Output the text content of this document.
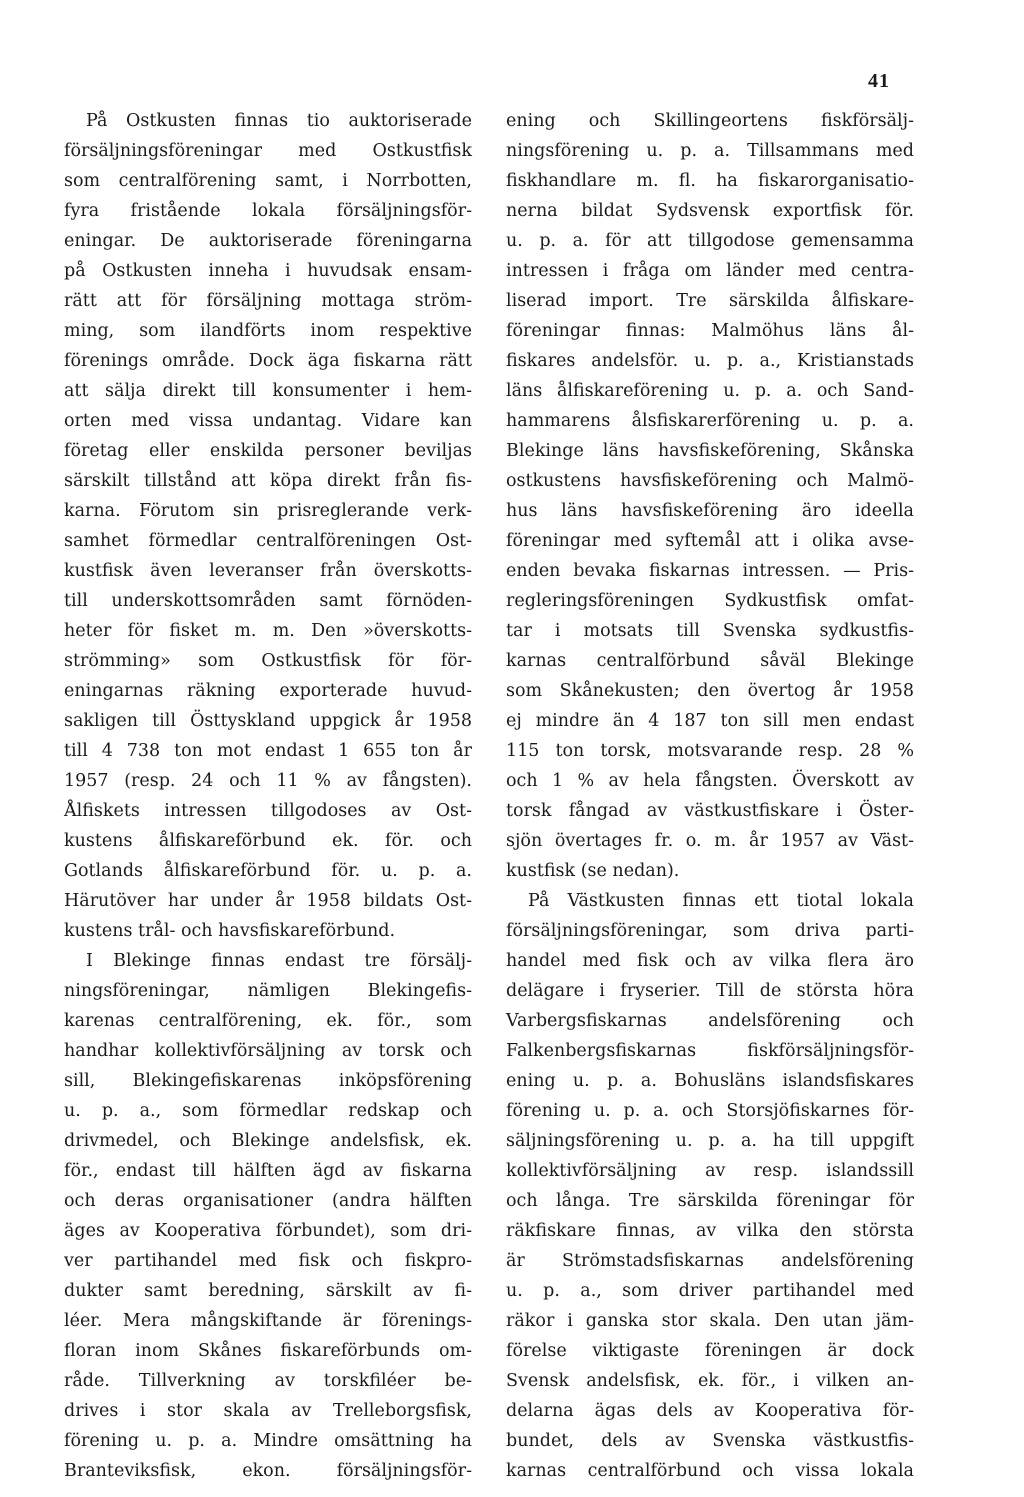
41
På Ostkusten finnas tio auktoriserade
försäljningsföreningar med Ostkustfisk
som centralförening samt, i Norrbotten,
fyra fristående lokala försäljningsför-
eningar. De auktoriserade föreningarna
på Ostkusten inneha i huvudsak ensam-
rätt att för försäljning mottaga ström-
ming, som ilandförts inom respektive
förenings område. Dock äga fiskarna rätt
att sälja direkt till konsumenter i hem-
orten med vissa undantag. Vidare kan
företag eller enskilda personer beviljas
särskilt tillstånd att köpa direkt från fis-
karna. Förutom sin prisreglerande verk-
samhet förmedlar centralföreningen Ost-
kustfisk även leveranser från överskotts-
till underskottsområden samt förnöden-
heter för fisket m. m. Den »överskotts-
strömming» som Ostkustfisk för för-
eningarnas räkning exporterade huvud-
sakligen till Östtyskland uppgick år 1958
till 4 738 ton mot endast 1 655 ton år
1957 (resp. 24 och 11 % av fångsten).
Ålfiskets intressen tillgodoses av Ost-
kustens ålfiskareförbund ek. för. och
Gotlands ålfiskareförbund för. u. p. a.
Härutöver har under år 1958 bildats Ost-
kustens trål- och havsfiskareförbund.
I Blekinge finnas endast tre försälj-
ningsföreningar, nämligen Blekingefis-
karenas centralförening, ek. för., som
handhar kollektivförsäljning av torsk och
sill, Blekingefiskarenas inköpsförening
u. p. a., som förmedlar redskap och
drivmedel, och Blekinge andelsfisk, ek.
för., endast till hälften ägd av fiskarna
och deras organisationer (andra hälften
äges av Kooperativa förbundet), som dri-
ver partihandel med fisk och fiskpro-
dukter samt beredning, särskilt av fi-
léer. Mera mångskiftande är förenings-
floran inom Skånes fiskareförbunds om-
råde. Tillverkning av torskfiléer be-
drives i stor skala av Trelleborgsfisk,
förening u. p. a. Mindre omsättning ha
Branteviksfisk, ekon. försäljningsför-
ening och Skillingeortens fiskförsälj-
ningsförening u. p. a. Tillsammans med
fiskhandlare m. fl. ha fiskarorganisatio-
nerna bildat Sydsvensk exportfisk för.
u. p. a. för att tillgodose gemensamma
intressen i fråga om länder med centra-
liserad import. Tre särskilda ålfiskare-
föreningar finnas: Malmöhus läns ål-
fiskares andelsför. u. p. a., Kristianstads
läns ålfiskareförening u. p. a. och Sand-
hammarens ålsfiskarerförening u. p. a.
Blekinge läns havsfiskeförening, Skånska
ostkustens havsfiskeförening och Malmö-
hus läns havsfiskeförening äro ideella
föreningar med syftemål att i olika avse-
enden bevaka fiskarnas intressen. — Pris-
regleringsföreningen Sydkustfisk omfat-
tar i motsats till Svenska sydkustfis-
karnas centralförbund såväl Blekinge
som Skånekusten; den övertog år 1958
ej mindre än 4 187 ton sill men endast
115 ton torsk, motsvarande resp. 28 %
och 1 % av hela fångsten. Överskott av
torsk fångad av västkustfiskare i Öster-
sjön övertages fr. o. m. år 1957 av Väst-
kustfisk (se nedan).
På Västkusten finnas ett tiotal lokala
försäljningsföreningar, som driva parti-
handel med fisk och av vilka flera äro
delägare i fryserier. Till de största höra
Varbergsfiskarnas andelsförening och
Falkenbergsfiskarnas fiskförsäljningsför-
ening u. p. a. Bohusläns islandsfiskares
förening u. p. a. och Storsjöfiskarnes för-
säljningsförening u. p. a. ha till uppgift
kollektivförsäljning av resp. islandssill
och långa. Tre särskilda föreningar för
räkfiskare finnas, av vilka den största
är Strömstadsfiskarnas andelsförening
u. p. a., som driver partihandel med
räkor i ganska stor skala. Den utan jäm-
förelse viktigaste föreningen är dock
Svensk andelsfisk, ek. för., i vilken an-
delarna ägas dels av Kooperativa för-
bundet, dels av Svenska västkustfis-
karnas centralförbund och vissa lokala
